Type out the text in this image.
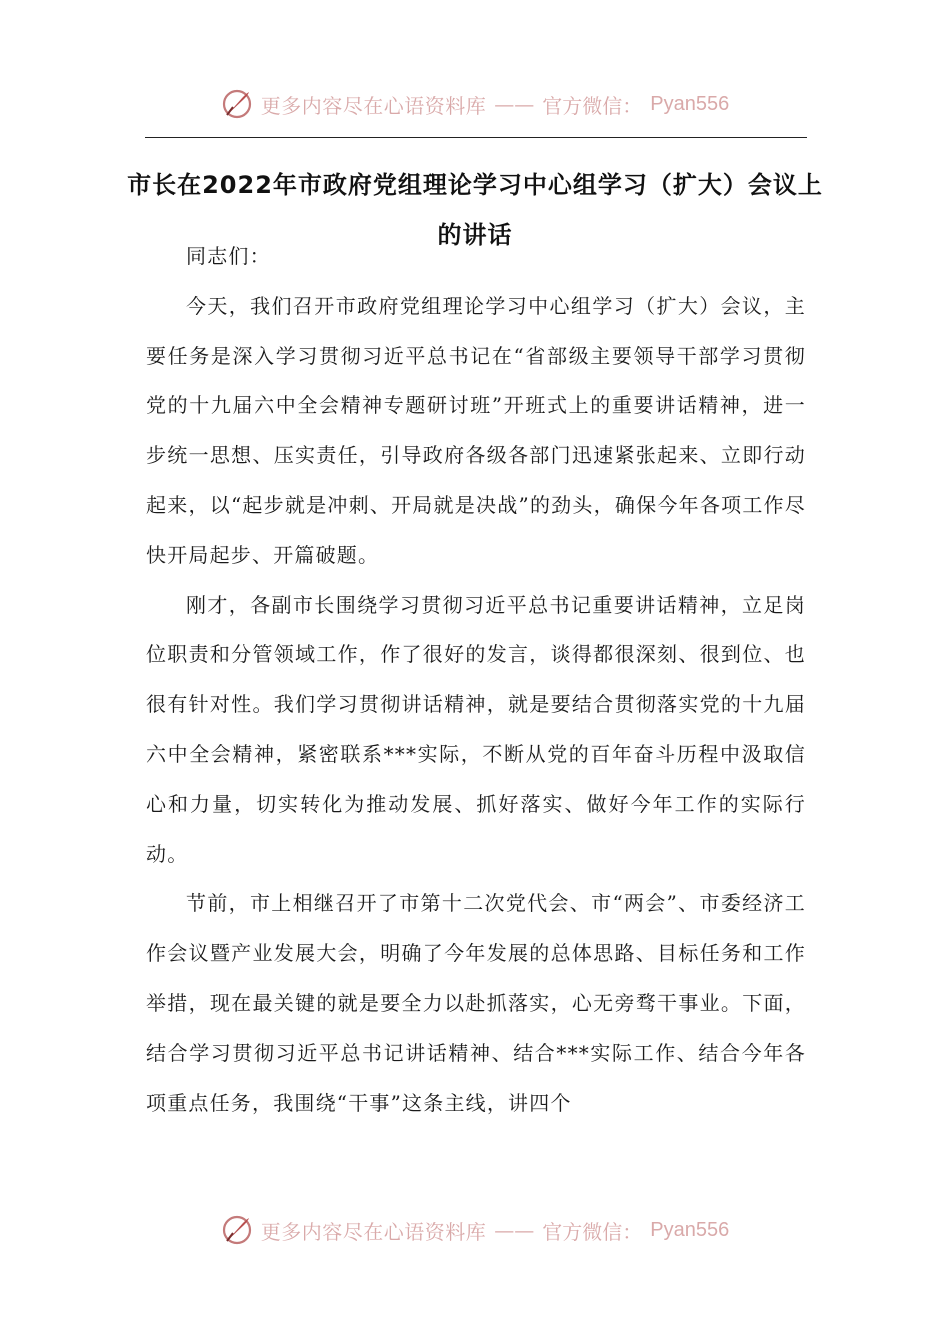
更多内容尽在心语资料库 —— 官方微信： Pyan556
市长在2022年市政府党组理论学习中心组学习（扩大）会议上的讲话

同志们：

今天，我们召开市政府党组理论学习中心组学习（扩大）会议，主要任务是深入学习贯彻习近平总书记在“省部级主要领导干部学习贯彻党的十九届六中全会精神专题研讨班”开班式上的重要讲话精神，进一步统一思想、压实责任，引导政府各级各部门迅速紧张起来、立即行动起来，以“起步就是冲刺、开局就是决战”的劲头，确保今年各项工作尽快开局起步、开篇破题。

刚才，各副市长围绕学习贯彻习近平总书记重要讲话精神，立足岗位职责和分管领域工作，作了很好的发言，谈得都很深刻、很到位、也很有针对性。我们学习贯彻讲话精神，就是要结合贯彻落实党的十九届六中全会精神，紧密联系***实际，不断从党的百年奋斗历程中汲取信心和力量，切实转化为推动发展、抓好落实、做好今年工作的实际行动。

节前，市上相继召开了市第十二次党代会、市“两会”、市委经济工作会议暨产业发展大会，明确了今年发展的总体思路、目标任务和工作举措，现在最关键的就是要全力以赴抓落实，心无旁骛干事业。下面，结合学习贯彻习近平总书记讲话精神、结合***实际工作、结合今年各项重点任务，我围绕“干事”这条主线，讲四个

更多内容尽在心语资料库 —— 官方微信： Pyan556
